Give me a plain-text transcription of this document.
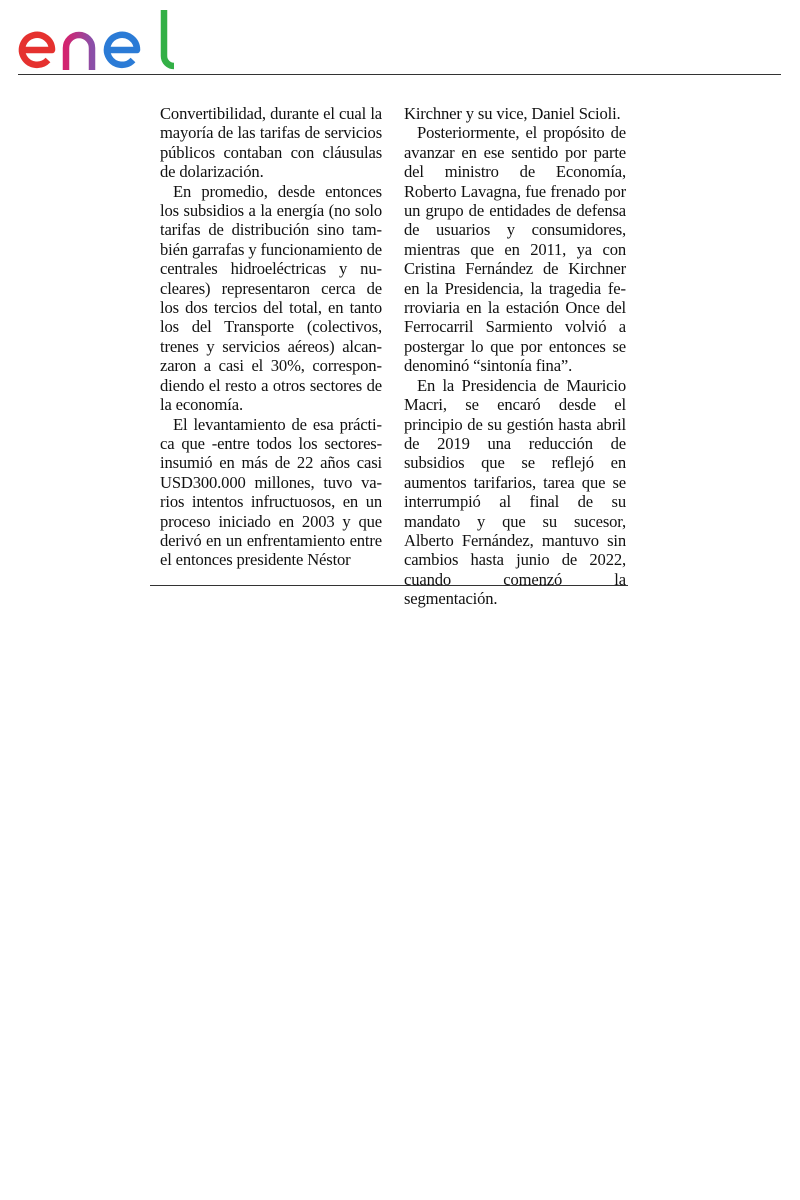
Convertibilidad, durante el cual la mayoría de las tarifas de servicios públicos contaban con cláusulas de dolarización.

En promedio, desde entonces los subsidios a la energía (no solo tarifas de distribución sino también garrafas y funcionamiento de centrales hidroeléctricas y nucleares) representaron cerca de los dos tercios del total, en tanto los del Transporte (colectivos, trenes y servicios aéreos) alcanzaron a casi el 30%, correspondiendo el resto a otros sectores de la economía.

El levantamiento de esa práctica que -entre todos los sectores- insumió en más de 22 años casi USD300.000 millones, tuvo varios intentos infructuosos, en un proceso iniciado en 2003 y que derivó en un enfrentamiento entre el entonces presidente Néstor

Kirchner y su vice, Daniel Scioli.

Posteriormente, el propósito de avanzar en ese sentido por parte del ministro de Economía, Roberto Lavagna, fue frenado por un grupo de entidades de defensa de usuarios y consumidores, mientras que en 2011, ya con Cristina Fernández de Kirchner en la Presidencia, la tragedia ferroviaria en la estación Once del Ferrocarril Sarmiento volvió a postergar lo que por entonces se denominó “sintonía fina”.

En la Presidencia de Mauricio Macri, se encaró desde el principio de su gestión hasta abril de 2019 una reducción de subsidios que se reflejó en aumentos tarifarios, tarea que se interrumpió al final de su mandato y que su sucesor, Alberto Fernández, mantuvo sin cambios hasta junio de 2022, cuando comenzó la segmentación.
